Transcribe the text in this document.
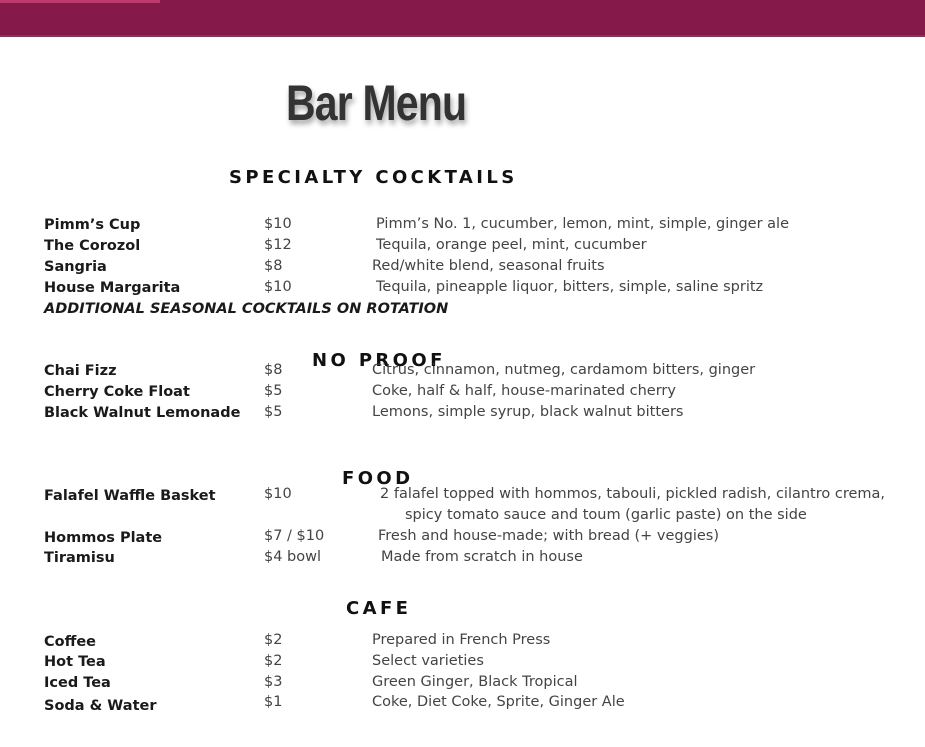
Bar Menu
SPECIALTY COCKTAILS
Pimm’s Cup	$10	Pimm’s No. 1, cucumber, lemon, mint, simple, ginger ale
The Corozol	$12	Tequila, orange peel, mint, cucumber
Sangria	$8	Red/white blend, seasonal fruits
House Margarita	$10	Tequila, pineapple liquor, bitters, simple, saline spritz
ADDITIONAL SEASONAL COCKTAILS ON ROTATION
NO PROOF
Chai Fizz	$8	Citrus, cinnamon, nutmeg, cardamom bitters, ginger
Cherry Coke Float	$5	Coke, half & half, house-marinated cherry
Black Walnut Lemonade $5	Lemons, simple syrup, black walnut bitters
FOOD
Falafel Waffle Basket	$10	2 falafel topped with hommos, tabouli, pickled radish, cilantro crema,
spicy tomato sauce and toum (garlic paste) on the side
Hommos Plate	$7 / $10	Fresh and house-made; with bread (+ veggies)
Tiramisu	$4 bowl	Made from scratch in house
CAFE
Coffee	$2	Prepared in French Press
Hot Tea	$2	Select varieties
Iced Tea	$3	Green Ginger, Black Tropical
Soda & Water	$1	Coke, Diet Coke, Sprite, Ginger Ale
